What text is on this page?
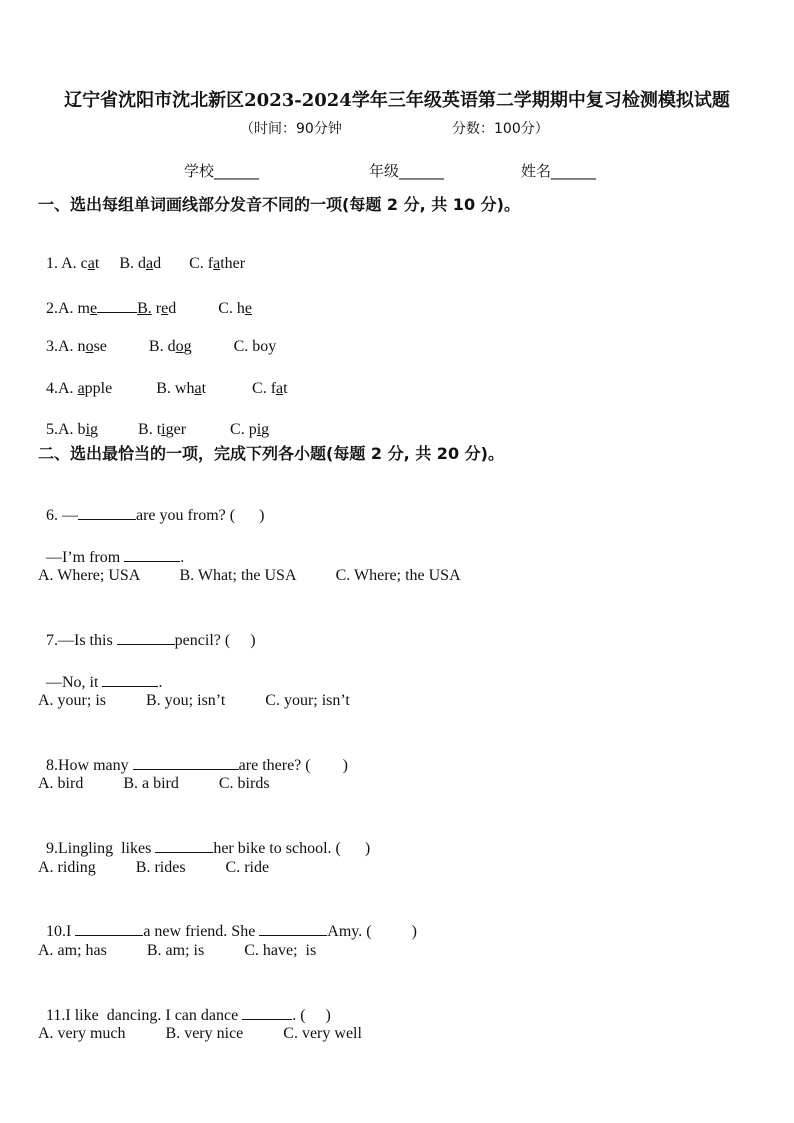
辽宁省沈阳市沈北新区2023-2024学年三年级英语第二学期期中复习检测模拟试题
（时间：90分钟	分数：100分）
学校______	年级______	姓名______
一、选出每组单词画线部分发音不同的一项(每题 2 分, 共 10 分)。

1. A. cat B. dad C. father

2.A. me	B. red	C. he

3.A. nose	B. dog	C. boy

4.A. apple	B. what	C. fat

5.A. big	B. tiger	C. pig

二、选出最恰当的一项，完成下列各小题(每题 2 分, 共 20 分)。

6. —	are you from? (      )

—I’m from	.

A. Where; USA          B. What; the USA          C. Where; the USA

7.—Is this	pencil? (     )

—No, it	.

A. your; is          B. you; isn’t          C. your; isn’t

8.How many	are there? (        )

A. bird          B. a bird          C. birds

9.Lingling  likes	her bike to school. (      )

A. riding          B. rides          C. ride

10.I	a new friend. She	Amy. (          )

A. am; has          B. am; is          C. have;  is

11.I like  dancing. I can dance	. (     )

A. very much          B. very nice          C. very well
